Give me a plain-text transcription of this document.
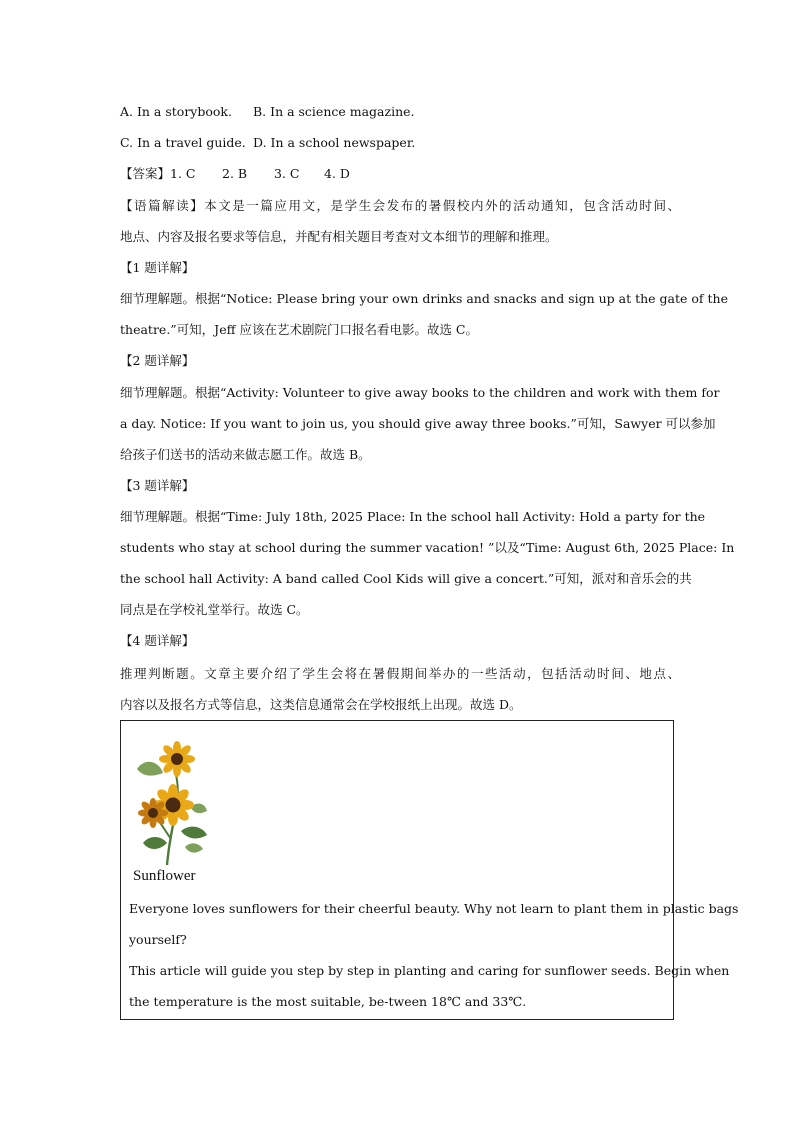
A. In a storybook. B. In a science magazine.
C. In a travel guide. D. In a school newspaper.
【答案】1. C 2. B 3. C 4. D
【语篇解读】本文是一篇应用文，是学生会发布的暑假校内外的活动通知，包含活动时间、
地点、内容及报名要求等信息，并配有相关题目考查对文本细节的理解和推理。
【1 题详解】
细节理解题。根据“Notice: Please bring your own drinks and snacks and sign up at the gate of the
theatre.”可知，Jeff 应该在艺术剧院门口报名看电影。故选 C。
【2 题详解】
细节理解题。根据“Activity: Volunteer to give away books to the children and work with them for
a day. Notice: If you want to join us, you should give away three books.”可知，Sawyer 可以参加
给孩子们送书的活动来做志愿工作。故选 B。
【3 题详解】
细节理解题。根据“Time: July 18th, 2025 Place: In the school hall Activity: Hold a party for the
students who stay at school during the summer vacation! ”以及“Time: August 6th, 2025 Place: In
the school hall Activity: A band called Cool Kids will give a concert.”可知，派对和音乐会的共
同点是在学校礼堂举行。故选 C。
【4 题详解】
推理判断题。文章主要介绍了学生会将在暑假期间举办的一些活动，包括活动时间、地点、
内容以及报名方式等信息，这类信息通常会在学校报纸上出现。故选 D。
Sunflower
Everyone loves sunflowers for their cheerful beauty. Why not learn to plant them in plastic bags
yourself?
This article will guide you step by step in planting and caring for sunflower seeds. Begin when
the temperature is the most suitable, be-tween 18℃ and 33℃.
